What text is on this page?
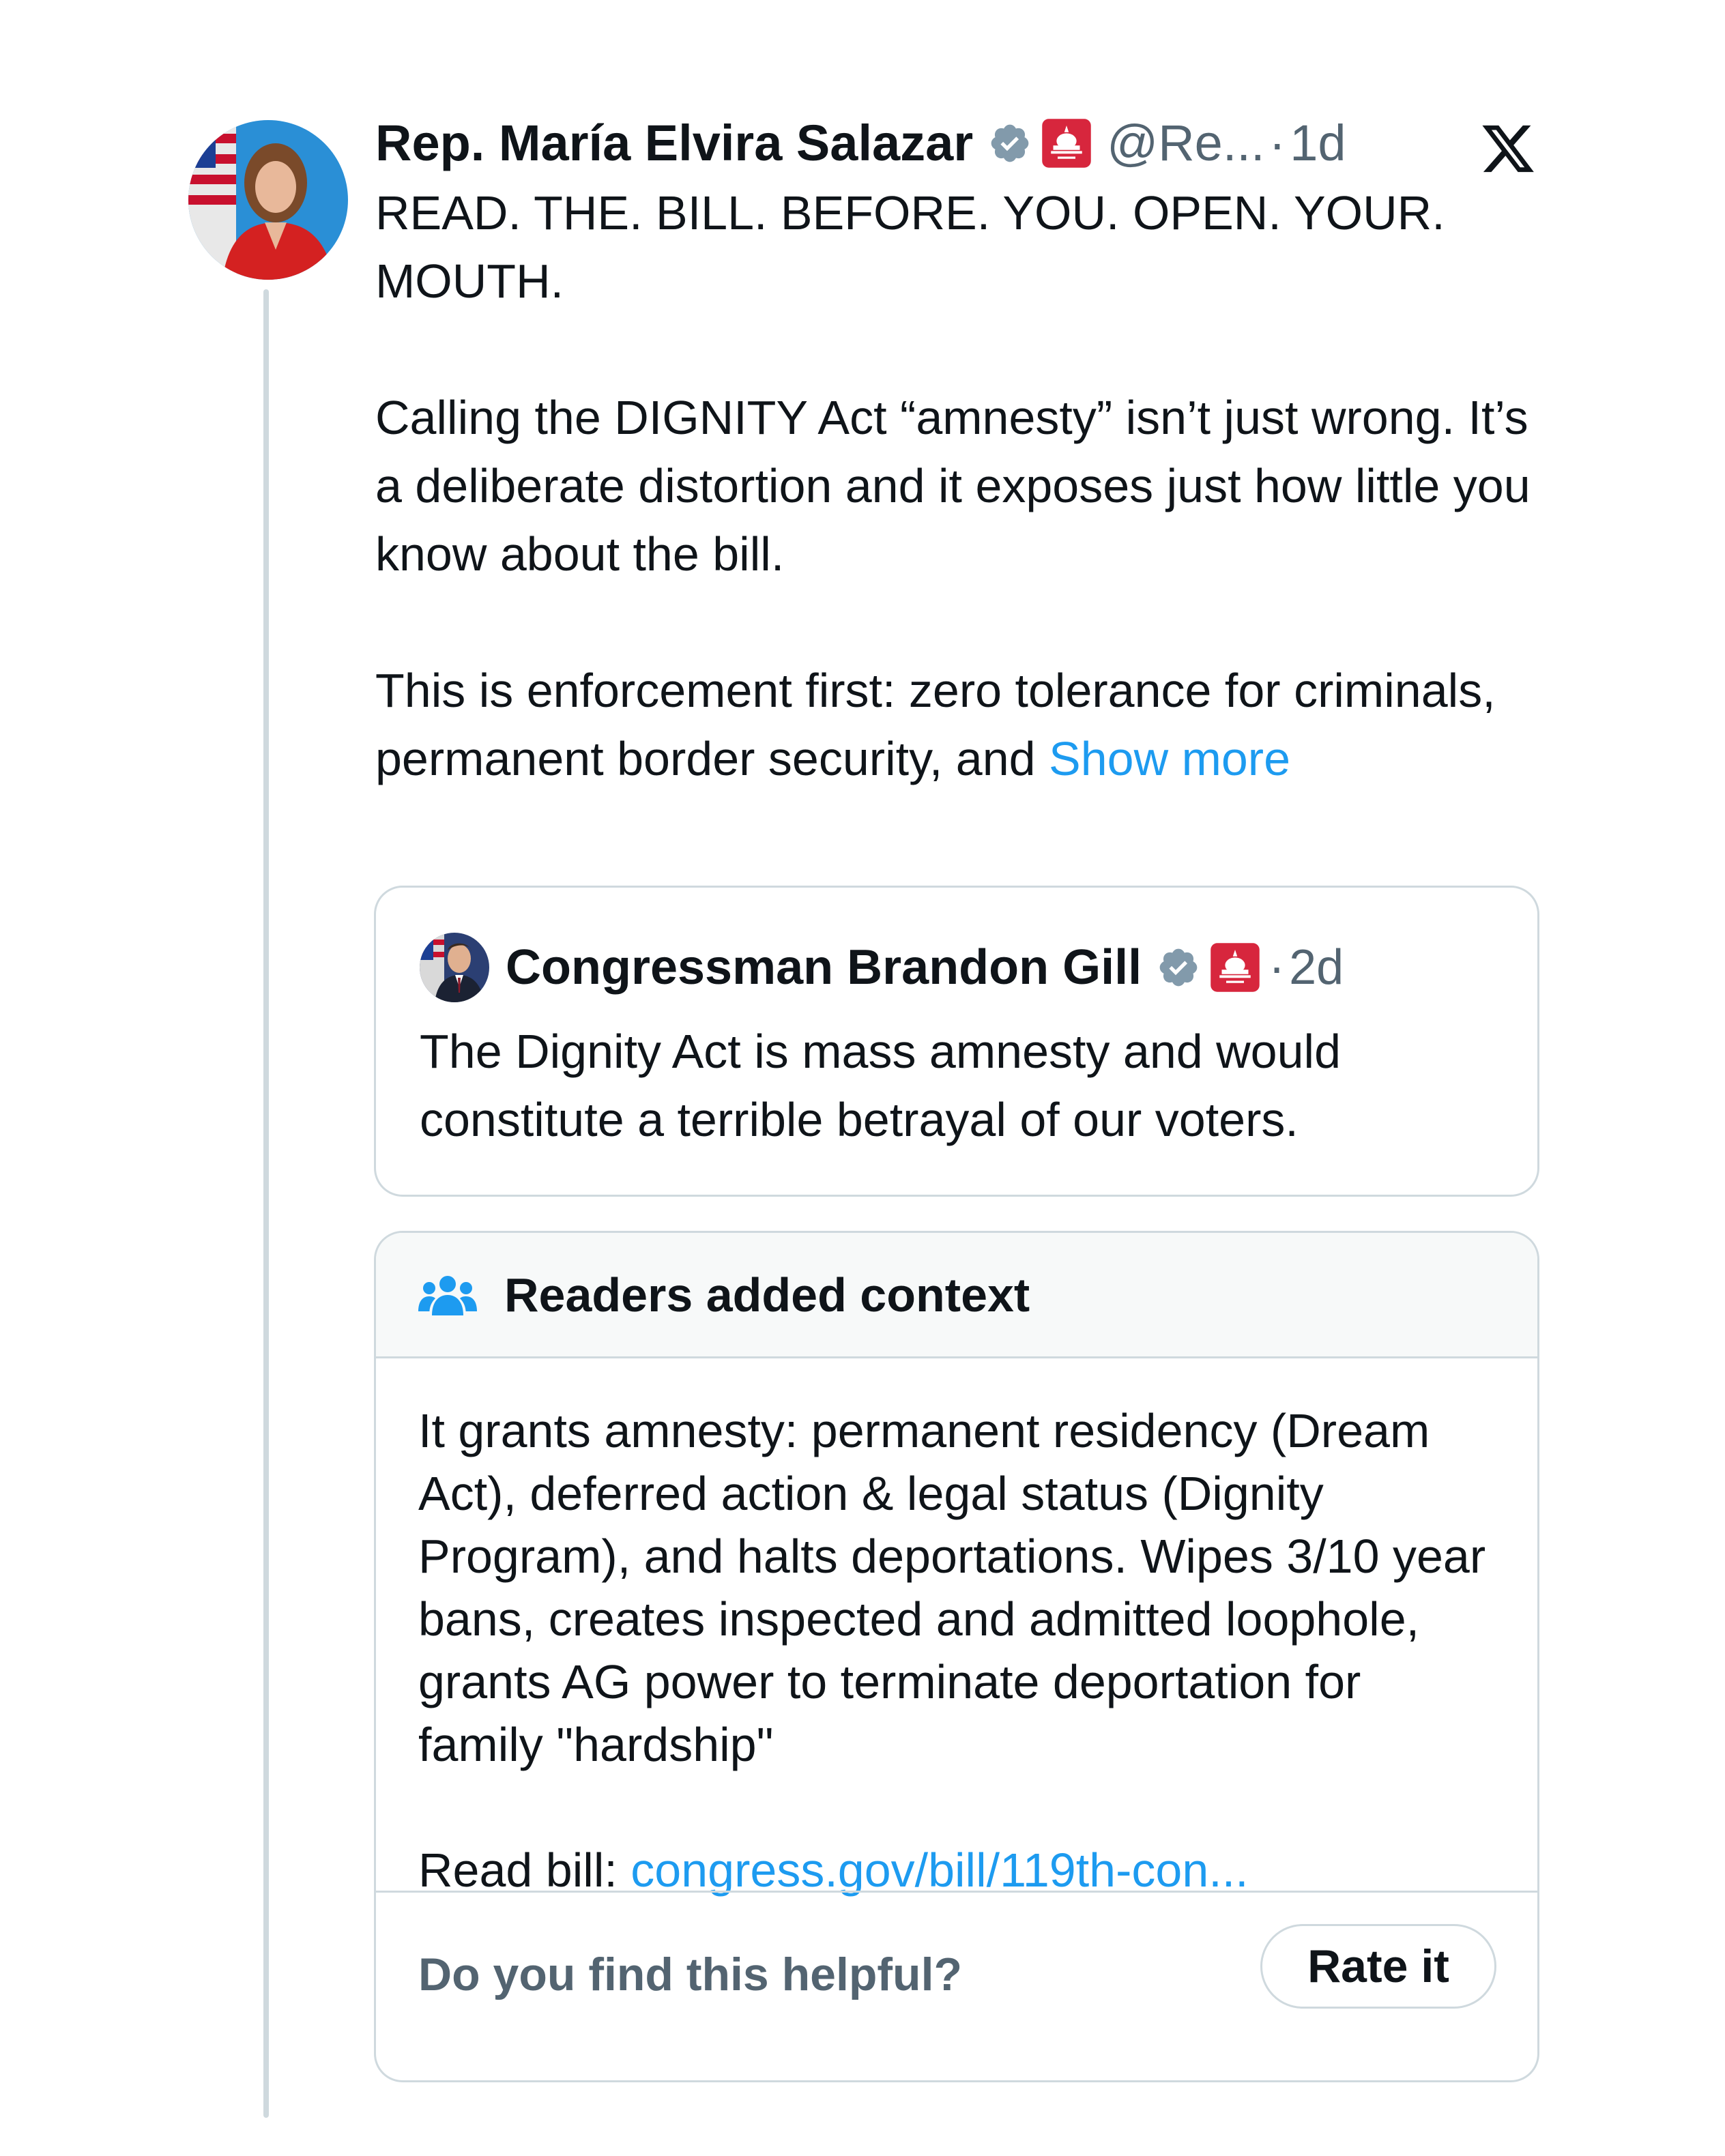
Rep. María Elvira Salazar	@Re... · 1d

READ. THE. BILL. BEFORE. YOU. OPEN. YOUR. MOUTH.

Calling the DIGNITY Act “amnesty” isn’t just wrong. It’s a deliberate distortion and it exposes just how little you know about the bill.

This is enforcement first: zero tolerance for criminals, permanent border security, and Show more

Congressman Brandon Gill	· 2d
The Dignity Act is mass amnesty and would constitute a terrible betrayal of our voters.
Readers added context

It grants amnesty: permanent residency (Dream Act), deferred action & legal status (Dignity Program), and halts deportations. Wipes 3/10 year bans, creates inspected and admitted loophole, grants AG power to terminate deportation for family "hardship"

Read bill: congress.gov/bill/119th-con...

Do you find this helpful?	Rate it
